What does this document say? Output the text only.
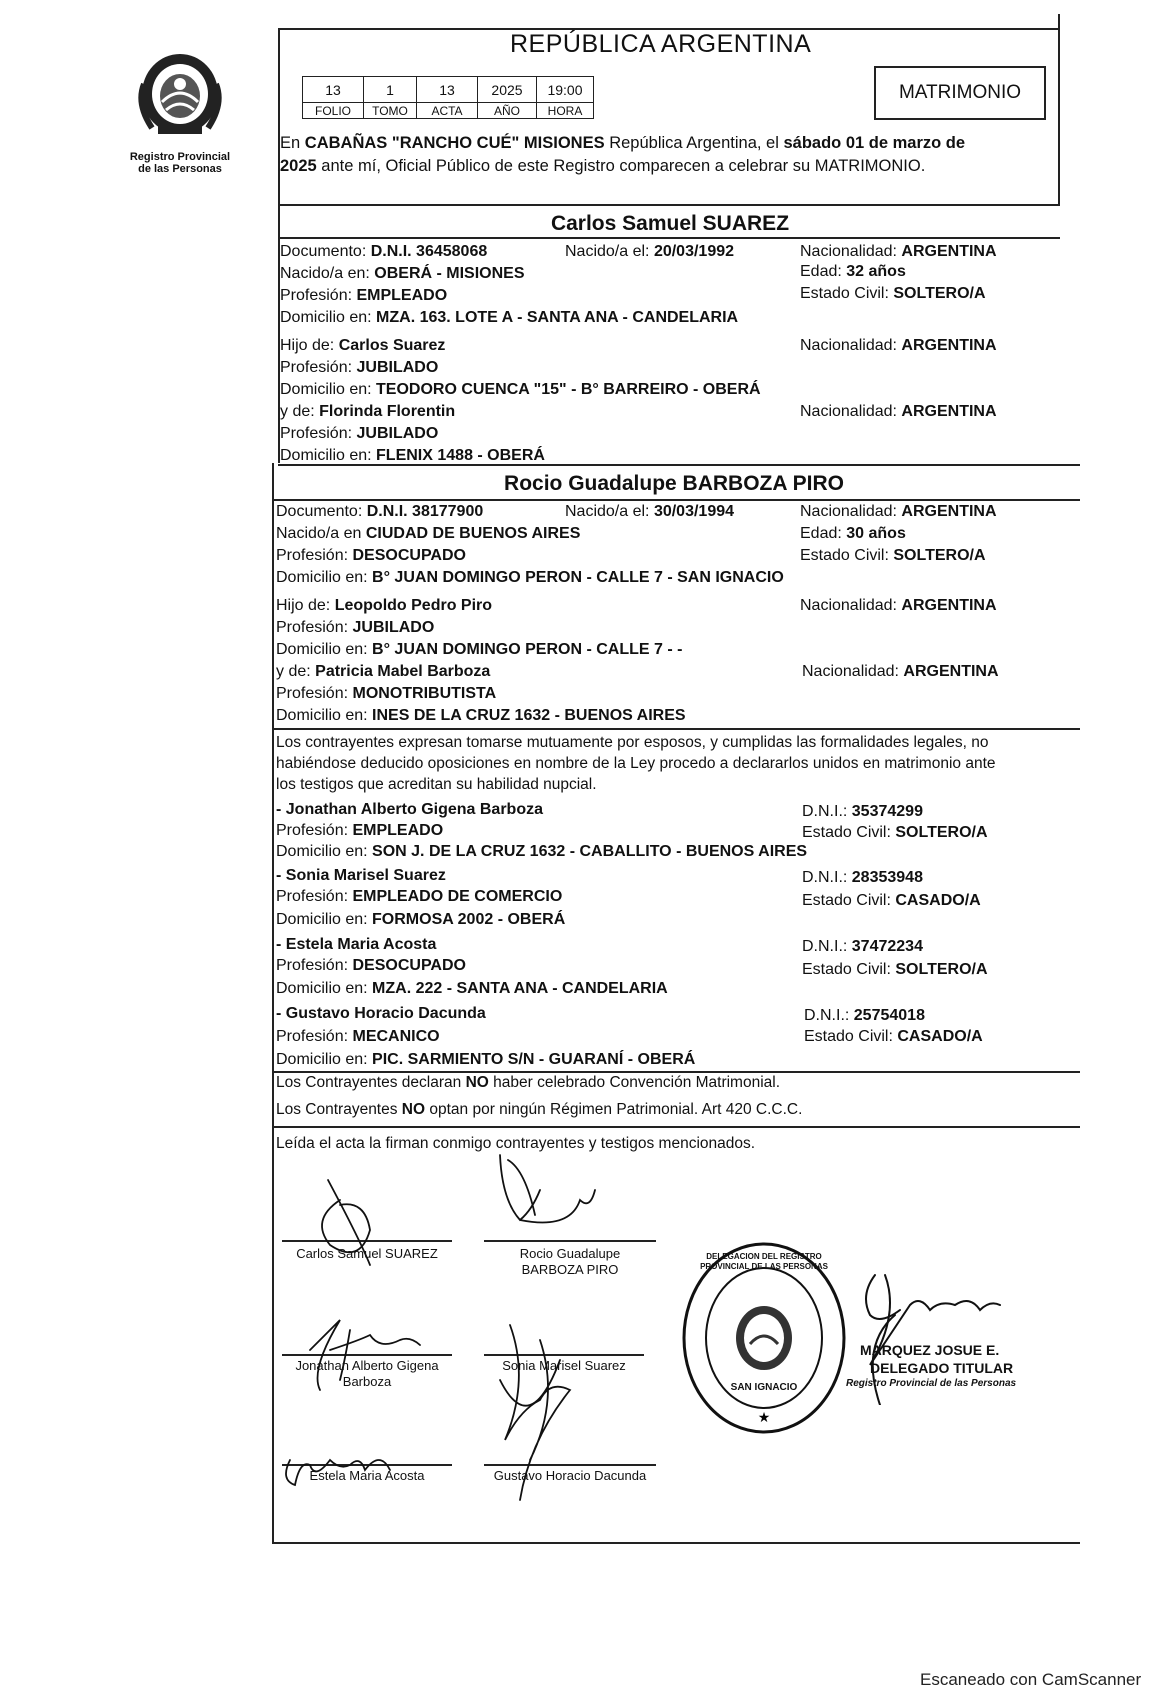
Registro Provincial
de las Personas
REPÚBLICA ARGENTINA
13	1	13	2025	19:00
FOLIO	TOMO	ACTA	AÑO	HORA
MATRIMONIO
En CABAÑAS "RANCHO CUÉ" MISIONES República Argentina, el sábado 01 de marzo de
2025 ante mí, Oficial Público de este Registro comparecen a celebrar su MATRIMONIO.
Carlos Samuel SUAREZ
Documento: D.N.I. 36458068	Nacido/a el: 20/03/1992	Nacionalidad: ARGENTINA
Nacido/a en: OBERÁ - MISIONES	Edad: 32 años
Profesión: EMPLEADO	Estado Civil: SOLTERO/A
Domicilio en: MZA. 163. LOTE A - SANTA ANA - CANDELARIA
Hijo de: Carlos Suarez	Nacionalidad: ARGENTINA
Profesión: JUBILADO
Domicilio en: TEODORO CUENCA "15" - B° BARREIRO - OBERÁ
y de: Florinda Florentin	Nacionalidad: ARGENTINA
Profesión: JUBILADO
Domicilio en: FLENIX 1488 - OBERÁ
Rocio Guadalupe BARBOZA PIRO
Documento: D.N.I. 38177900	Nacido/a el: 30/03/1994	Nacionalidad: ARGENTINA
Nacido/a en CIUDAD DE BUENOS AIRES	Edad: 30 años
Profesión: DESOCUPADO	Estado Civil: SOLTERO/A
Domicilio en: B° JUAN DOMINGO PERON - CALLE 7 - SAN IGNACIO
Hijo de: Leopoldo Pedro Piro	Nacionalidad: ARGENTINA
Profesión: JUBILADO
Domicilio en: B° JUAN DOMINGO PERON - CALLE 7 - -
y de: Patricia Mabel Barboza	Nacionalidad: ARGENTINA
Profesión: MONOTRIBUTISTA
Domicilio en: INES DE LA CRUZ 1632 - BUENOS AIRES
Los contrayentes expresan tomarse mutuamente por esposos, y cumplidas las formalidades legales, no
habiéndose deducido oposiciones en nombre de la Ley procedo a declararlos unidos en matrimonio ante
los testigos que acreditan su habilidad nupcial.
- Jonathan Alberto Gigena Barboza	D.N.I.: 35374299
Profesión: EMPLEADO	Estado Civil: SOLTERO/A
Domicilio en: SON J. DE LA CRUZ 1632 - CABALLITO - BUENOS AIRES
- Sonia Marisel Suarez	D.N.I.: 28353948
Profesión: EMPLEADO DE COMERCIO	Estado Civil: CASADO/A
Domicilio en: FORMOSA 2002 - OBERÁ
- Estela Maria Acosta	D.N.I.: 37472234
Profesión: DESOCUPADO	Estado Civil: SOLTERO/A
Domicilio en: MZA. 222 - SANTA ANA - CANDELARIA
- Gustavo Horacio Dacunda	D.N.I.: 25754018
Profesión: MECANICO	Estado Civil: CASADO/A
Domicilio en: PIC. SARMIENTO S/N - GUARANÍ - OBERÁ
Los Contrayentes declaran NO haber celebrado Convención Matrimonial.
Los Contrayentes NO optan por ningún Régimen Patrimonial. Art 420 C.C.C.
Leída el acta la firman conmigo contrayentes y testigos mencionados.
Carlos Samuel SUAREZ	Rocio Guadalupe
BARBOZA PIRO
Jonathan Alberto Gigena
Barboza
Sonia Marisel Suarez
Estela Maria Acosta	Gustavo Horacio Dacunda
★
DELEGACION DEL REGISTRO PROVINCIAL DE LAS PERSONAS
SAN IGNACIO
MARQUEZ JOSUE E.
DELEGADO TITULAR
Registro Provincial de las Personas
Escaneado con CamScanner
